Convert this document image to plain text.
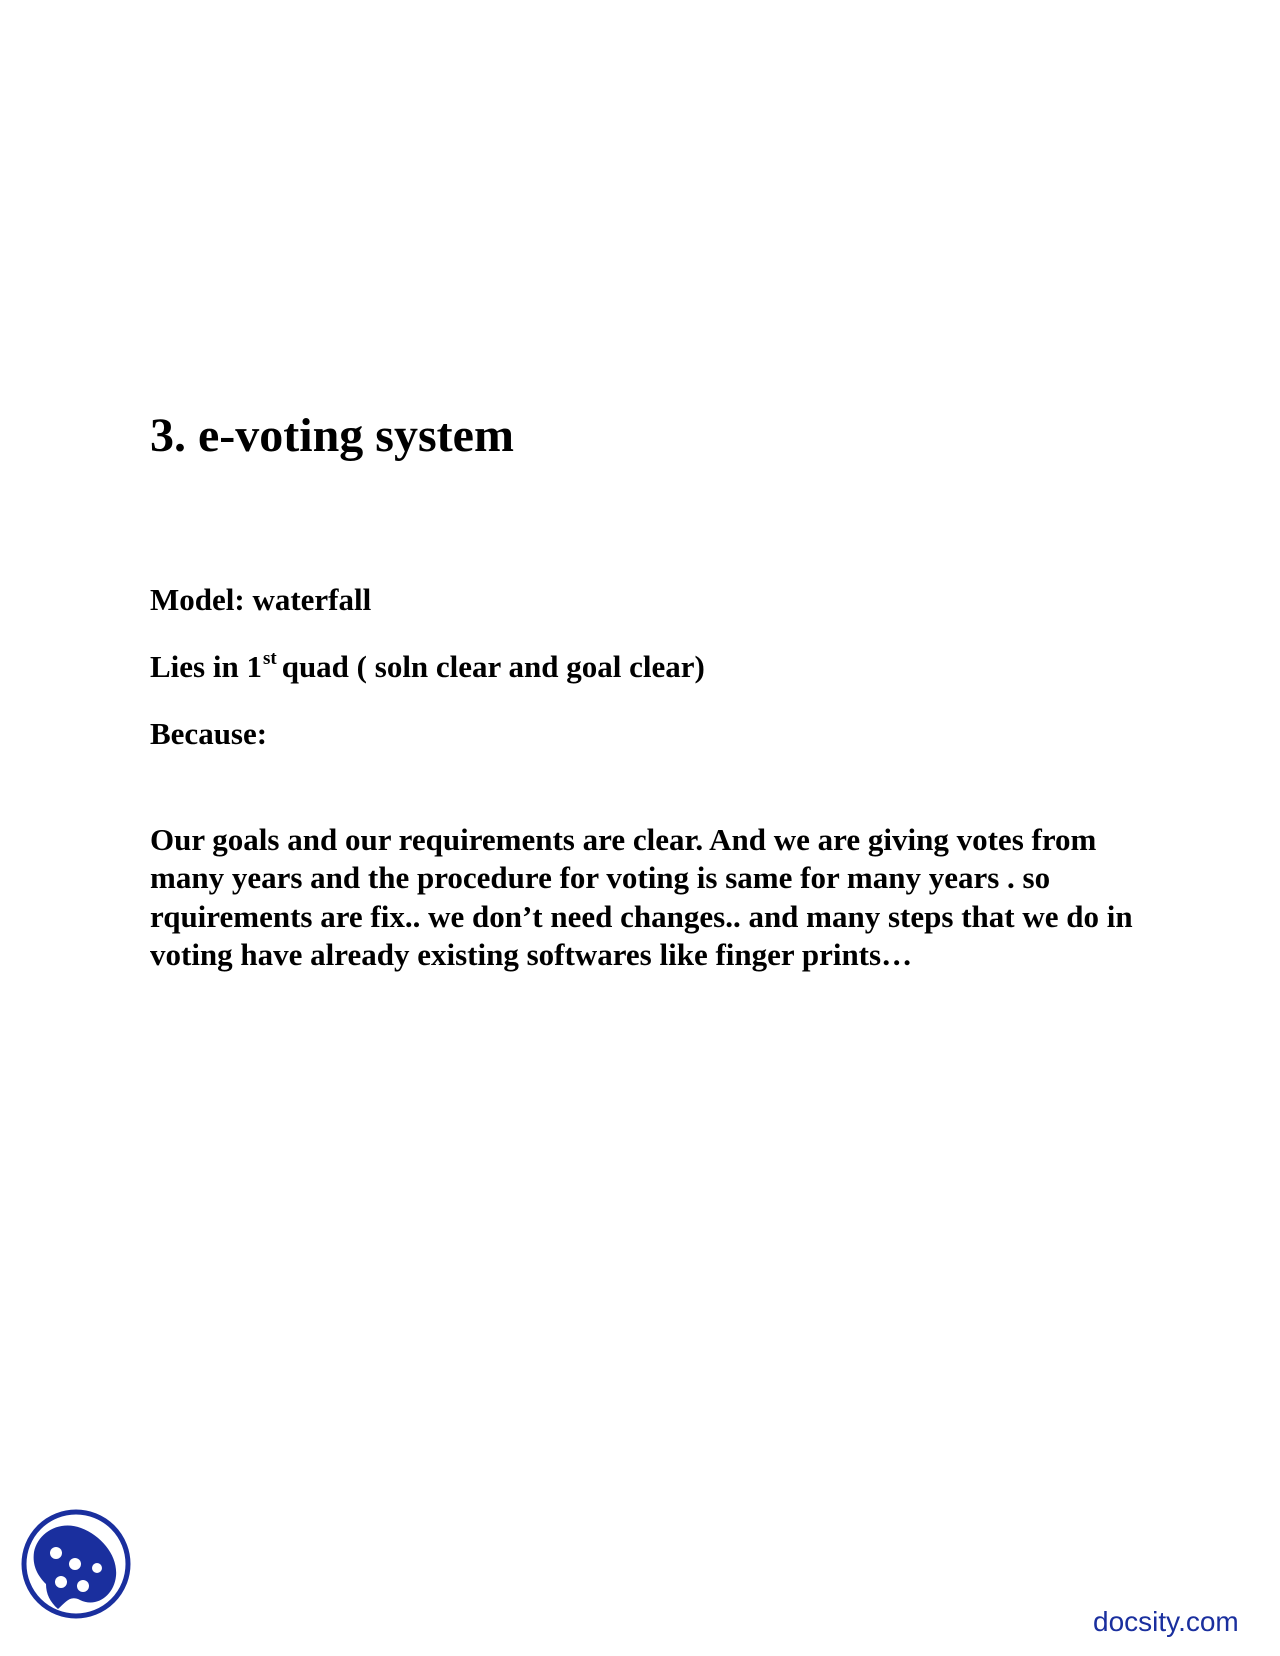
3. e-voting system

Model: waterfall

Lies in 1st quad ( soln clear and goal clear)

Because:

Our goals and our requirements are clear. And we are giving votes from many years and the procedure for voting is same for many years . so rquirements are fix.. we don’t need changes.. and many steps that we do in voting have already existing softwares like finger prints…

docsity.com
